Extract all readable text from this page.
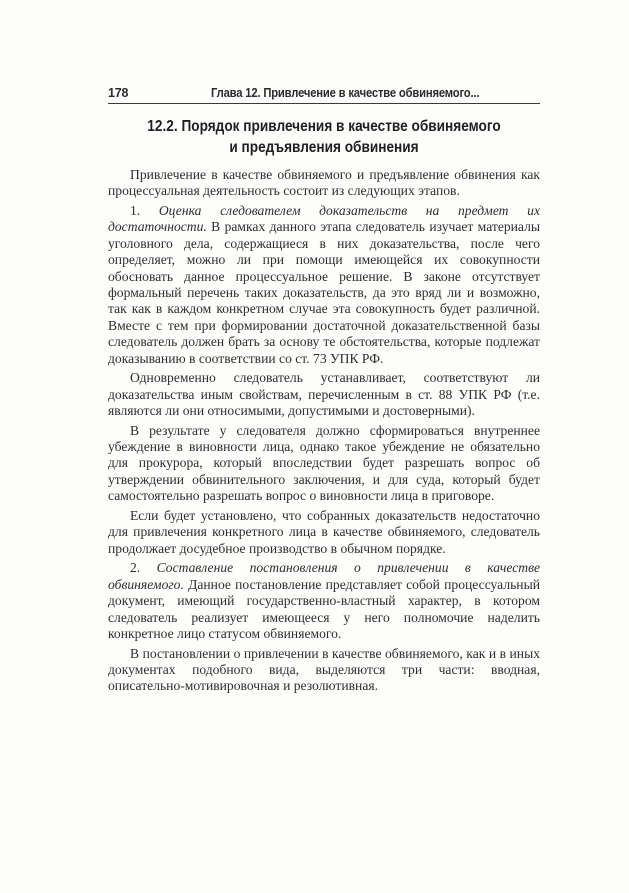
178	Глава 12. Привлечение в качестве обвиняемого...
12.2. Порядок привлечения в качестве обвиняемого
и предъявления обвинения

Привлечение в качестве обвиняемого и предъявление обвинения как процессуальная деятельность состоит из следующих этапов.

1. Оценка следователем доказательств на предмет их достаточности. В рамках данного этапа следователь изучает материалы уголовного дела, содержащиеся в них доказательства, после чего определяет, можно ли при помощи имеющейся их совокупности обосновать данное процессуальное решение. В законе отсутствует формальный перечень таких доказательств, да это вряд ли и возможно, так как в каждом конкретном случае эта совокупность будет различной. Вместе с тем при формировании достаточной доказательственной базы следователь должен брать за основу те обстоятельства, которые подлежат доказыванию в соответствии со ст. 73 УПК РФ.

Одновременно следователь устанавливает, соответствуют ли доказательства иным свойствам, перечисленным в ст. 88 УПК РФ (т.е. являются ли они относимыми, допустимыми и достоверными).

В результате у следователя должно сформироваться внутреннее убеждение в виновности лица, однако такое убеждение не обязательно для прокурора, который впоследствии будет разрешать вопрос об утверждении обвинительного заключения, и для суда, который будет самостоятельно разрешать вопрос о виновности лица в приговоре.

Если будет установлено, что собранных доказательств недостаточно для привлечения конкретного лица в качестве обвиняемого, следователь продолжает досудебное производство в обычном порядке.

2. Составление постановления о привлечении в качестве обвиняемого. Данное постановление представляет собой процессуальный документ, имеющий государственно-властный характер, в котором следователь реализует имеющееся у него полномочие наделить конкретное лицо статусом обвиняемого.

В постановлении о привлечении в качестве обвиняемого, как и в иных документах подобного вида, выделяются три части: вводная, описательно-мотивировочная и резолютивная.
